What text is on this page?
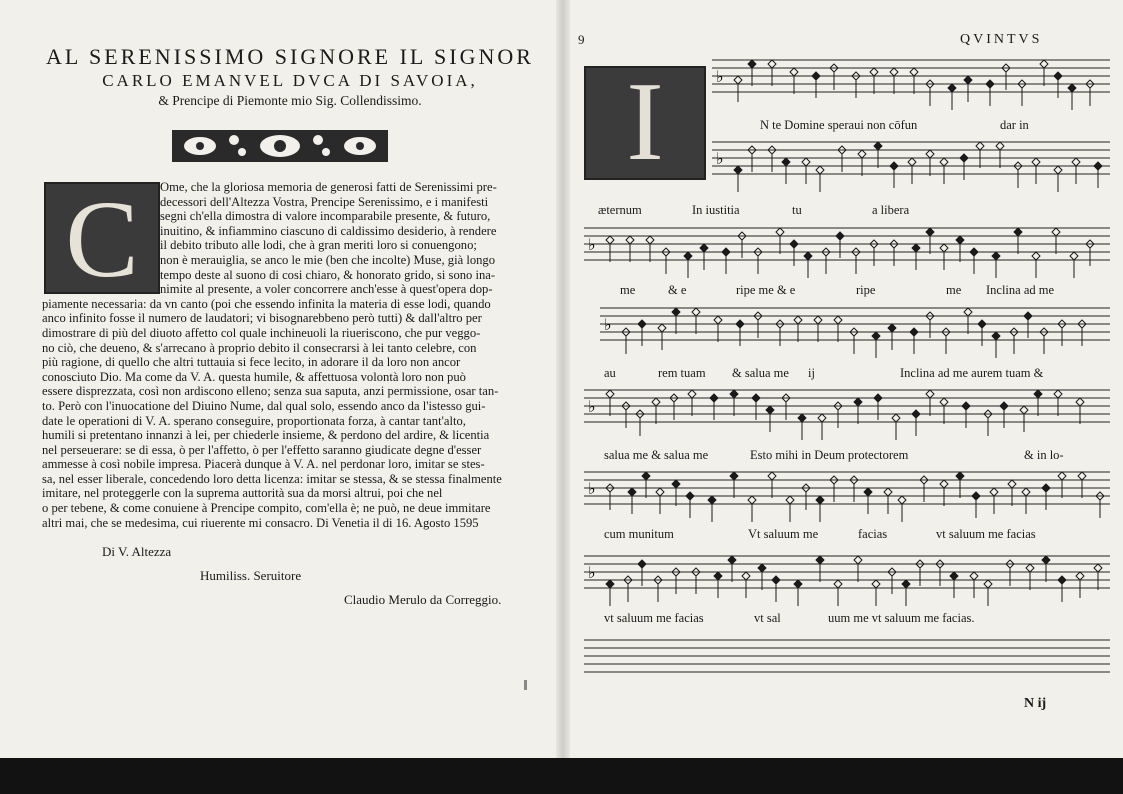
AL SERENISSIMO SIGNORE IL SIGNOR
CARLO EMANVEL DVCA DI SAVOIA,
& Prencipe di Piemonte mio Sig. Collendissimo.
C	Ome, che la gloriosa memoria de generosi fatti de Serenissimi pre-
decessori dell'Altezza Vostra, Prencipe Serenissimo, e i manifesti
segni ch'ella dimostra di valore incomparabile presente, & futuro,
inuitino, & infiammino ciascuno di caldissimo desiderio, à rendere
il debito tributo alle lodi, che à gran meriti loro si conuengono;
non è merauiglia, se anco le mie (ben che incolte) Muse, già longo
tempo deste al suono di cosi chiaro, & honorato grido, si sono ina-
nimite al presente, a voler concorrere anch'esse à quest'opera dop-
piamente necessaria: da vn canto (poi che essendo infinita la materia di esse lodi, quando
anco infinito fosse il numero de laudatori; vi bisognarebbeno però tutti) & dall'altro per
dimostrare di più del diuoto affetto col quale inchineuoli la riueriscono, che pur veggo-
no ciò, che deueno, & s'arrecano à proprio debito il consecrarsi à lei tanto celebre, con
più ragione, di quello che altri tuttauia si fece lecito, in adorare il da loro non ancor
conosciuto Dio. Ma come da V. A. questa humile, & affettuosa volontà loro non può
essere disprezzata, così non ardiscono elleno; senza sua saputa, anzi permissione, osar tan-
to. Però con l'inuocatione del Diuino Nume, dal qual solo, essendo anco da l'istesso gui-
date le operationi di V. A. sperano conseguire, proportionata forza, à cantar tant'alto,
humili si pretentano innanzi à lei, per chiederle insieme, & perdono del ardire, & licentia
nel perseuerare: se di essa, ò per l'affetto, ò per l'effetto saranno giudicate degne d'esser
ammesse à così nobile impresa. Piacerà dunque à V. A. nel perdonar loro, imitar se stes-
sa, nel esser liberale, concedendo loro detta licenza: imitar se stessa, & se stessa finalmente
imitare, nel proteggerle con la suprema auttorità sua da morsi altrui, poi che nel
o per tebene, & come conuiene à Prencipe compito, com'ella è; ne può, ne deue immitare
altri mai, che se medesima, cui riuerente mi consacro. Di Venetia il di 16. Agosto 1595
Di V. Altezza
Humiliss. Seruitore
Claudio Merulo da Correggio.
9	QVINTVS
♭
♭
♭
♭
♭
♭
♭
I	N te Domine speraui non cōfun	dar in
æternum	In iustitia	tu	a libera
me	& e	ripe me & e	ripe	me Inclina ad me
au	rem tuam & salua me ij	Inclina ad me aurem tuam &
salua me & salua me	Esto mihi in Deum protectorem	& in lo-
cum munitum	Vt saluum me	facias	vt saluum me facias
vt saluum me facias	vt sal	uum me vt saluum me facias.
N ij
